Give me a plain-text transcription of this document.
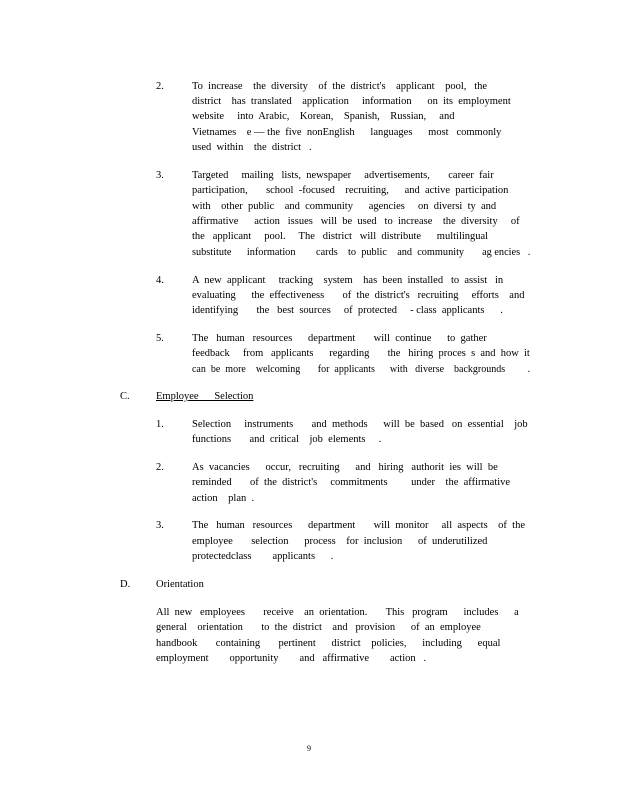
2.	To  increase    the  diversity    of  the  district's    applicant    pool,   the
district    has  translated    application     information      on  its  employment
website     into  Arabic,    Korean,    Spanish,    Russian,     and
Vietnames    e — the  five  nonEnglish      languages      most   commonly
used  within    the  district   .
3.	Targeted     mailing   lists,  newspaper     advertisements,       career  fair
participation,       school  -focused    recruiting,      and  active  participation
with    other  public    and  community      agencies     on  diversi  ty  and
affirmative      action   issues   will  be  used   to  increase    the  diversity     of
the   applicant     pool.     The   district   will  distribute      multilingual
substitute      information        cards    to  public    and  community       ag encies   .
4.	A  new  applicant     tracking    system    has  been  installed   to  assist   in
evaluating      the  effectiveness       of  the  district's   recruiting     efforts    and
identifying       the   best  sources     of  protected     - class  applicants      .
5.	The   human   resources      department       will  continue      to  gather
feedback     from   applicants      regarding       the   hiring  proces  s  and  how  it
can  be  more    welcoming       for  applicants      with   diverse    backgrounds         .
C.	Employee      Selection
1.	Selection     instruments       and  methods      will  be  based   on  essential    job
functions       and  critical    job  elements     .
2.	As  vacancies      occur,   recruiting      and   hiring   authorit  ies  will  be
reminded       of  the  district's     commitments         under    the  affirmative
action    plan  .
3.	The   human   resources      department       will  monitor     all  aspects    of  the
employee       selection      process    for  inclusion      of  underutilized
protectedclass        applicants      .
D. Orientation
All  new   employees       receive    an  orientation.       This   program      includes      a
general    orientation       to  the  district    and   provision      of  an  employee
handbook       containing       pertinent      district    policies,      including      equal
employment        opportunity        and   affirmative        action   .
9
